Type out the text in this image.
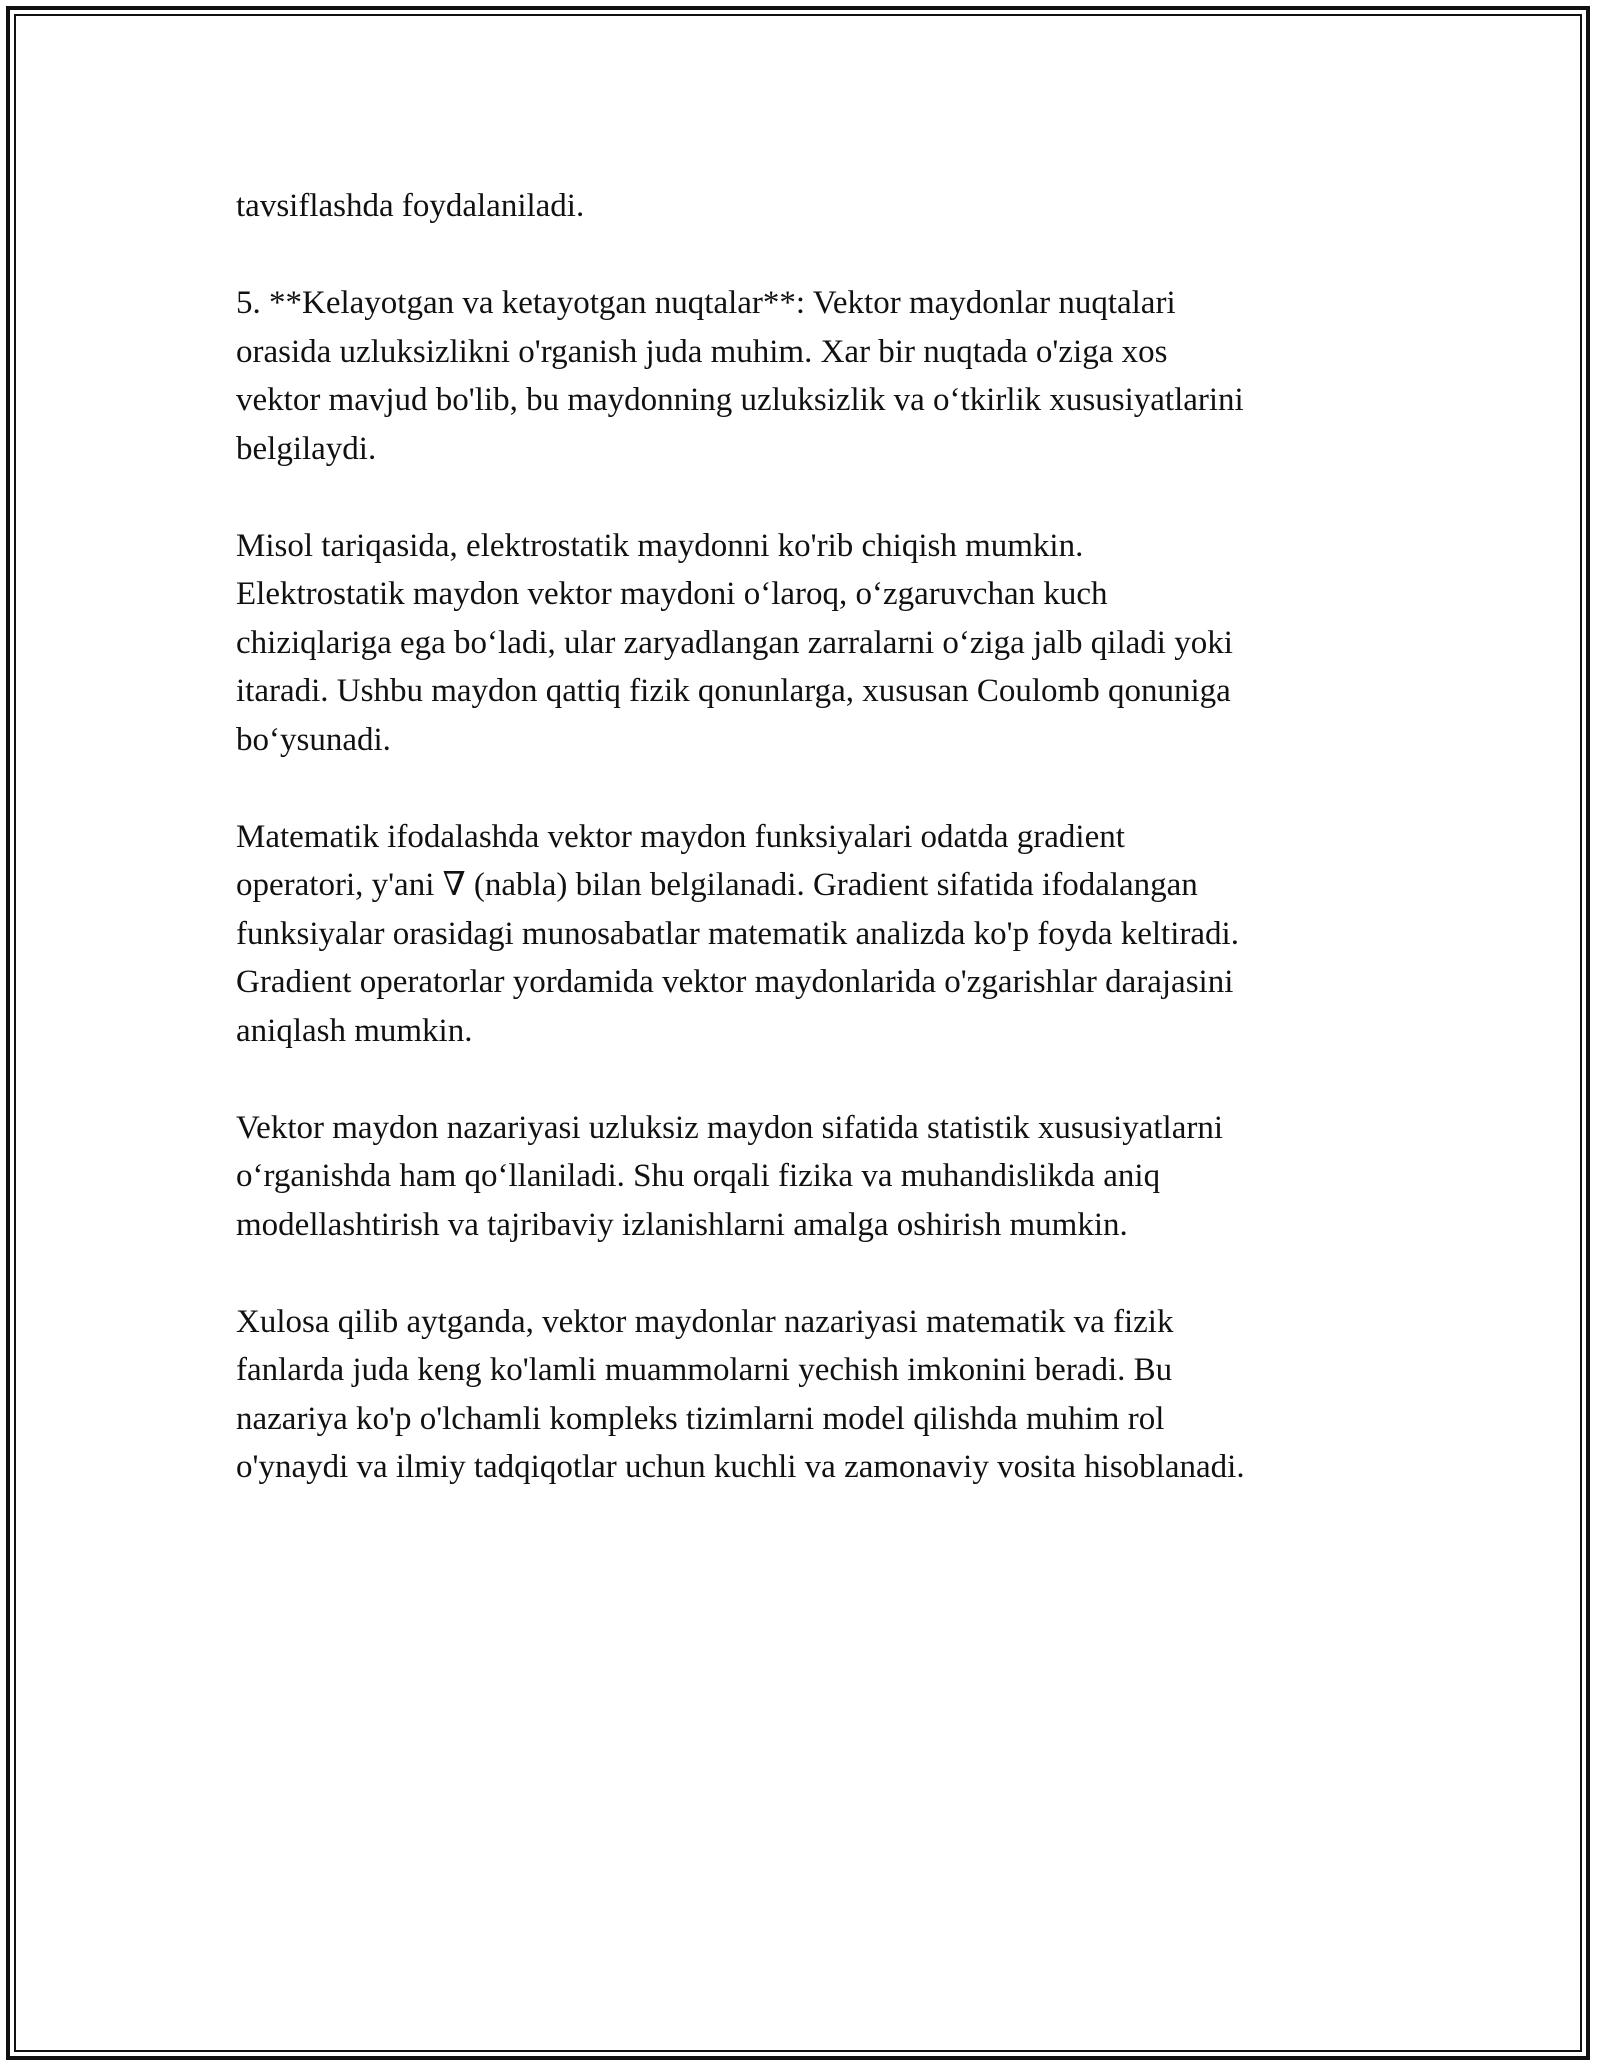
tavsiflashda foydalaniladi.

5. **Kelayotgan va ketayotgan nuqtalar**: Vektor maydonlar nuqtalari
orasida uzluksizlikni o'rganish juda muhim. Xar bir nuqtada o'ziga xos
vektor mavjud bo'lib, bu maydonning uzluksizlik va o‘tkirlik xususiyatlarini
belgilaydi.

Misol tariqasida, elektrostatik maydonni ko'rib chiqish mumkin.
Elektrostatik maydon vektor maydoni o‘laroq, o‘zgaruvchan kuch
chiziqlariga ega bo‘ladi, ular zaryadlangan zarralarni o‘ziga jalb qiladi yoki
itaradi. Ushbu maydon qattiq fizik qonunlarga, xususan Coulomb qonuniga
bo‘ysunadi.

Matematik ifodalashda vektor maydon funksiyalari odatda gradient
operatori, y'ani ∇ (nabla) bilan belgilanadi. Gradient sifatida ifodalangan
funksiyalar orasidagi munosabatlar matematik analizda ko'p foyda keltiradi.
Gradient operatorlar yordamida vektor maydonlarida o'zgarishlar darajasini
aniqlash mumkin.

Vektor maydon nazariyasi uzluksiz maydon sifatida statistik xususiyatlarni
o‘rganishda ham qo‘llaniladi. Shu orqali fizika va muhandislikda aniq
modellashtirish va tajribaviy izlanishlarni amalga oshirish mumkin.

Xulosa qilib aytganda, vektor maydonlar nazariyasi matematik va fizik
fanlarda juda keng ko'lamli muammolarni yechish imkonini beradi. Bu
nazariya ko'p o'lchamli kompleks tizimlarni model qilishda muhim rol
o'ynaydi va ilmiy tadqiqotlar uchun kuchli va zamonaviy vosita hisoblanadi.
